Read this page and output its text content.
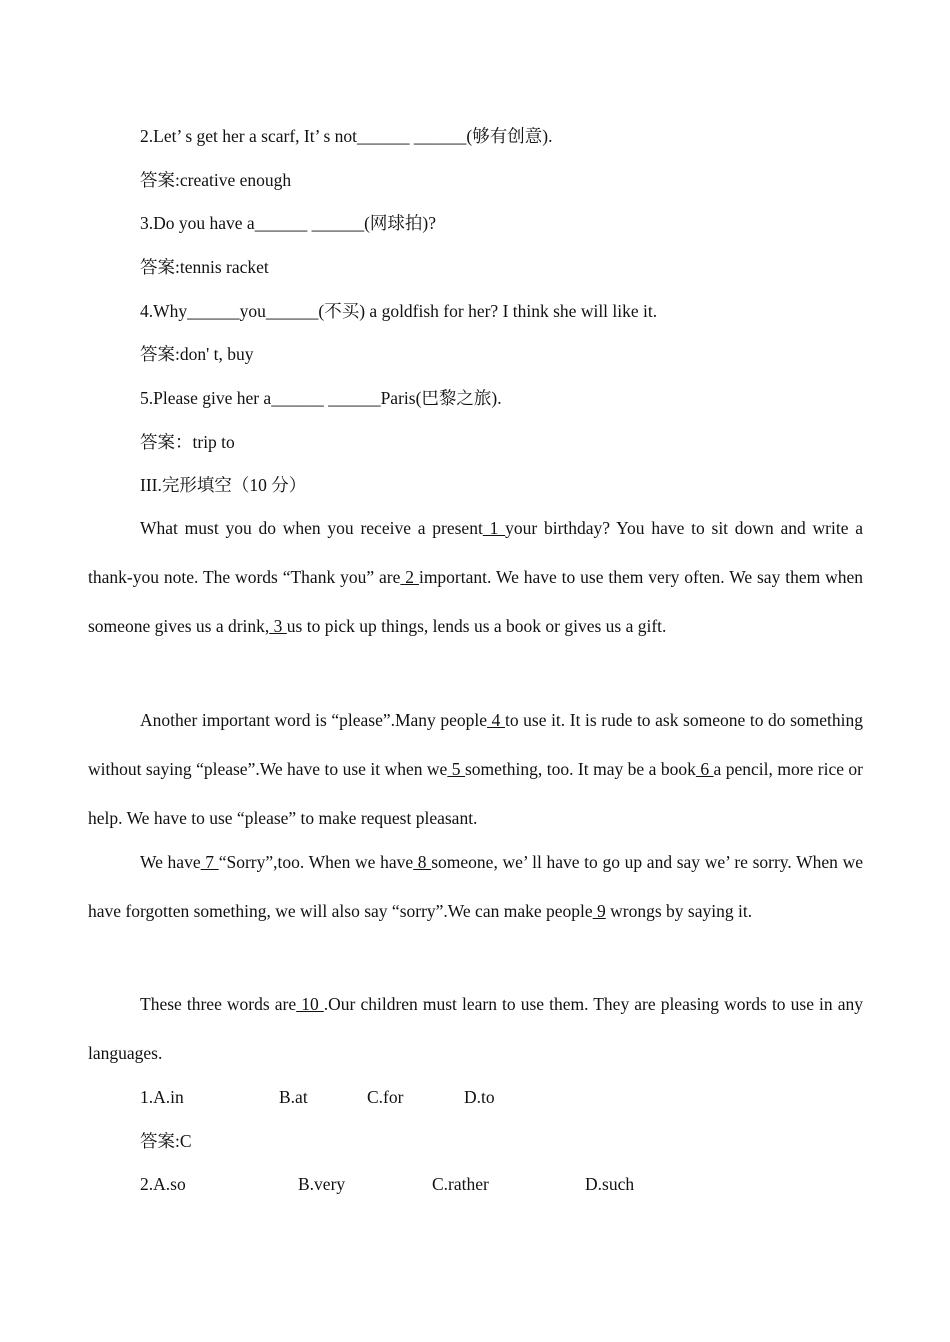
2.Let’ s get her a scarf, It’ s not______ ______(够有创意).
答案:creative enough
3.Do you have a______ ______(网球拍)?
答案:tennis racket
4.Why______you______(不买) a goldfish for her? I think she will like it.
答案:don' t, buy
5.Please give her a______ ______Paris(巴黎之旅).
答案：trip to
III.完形填空（10 分）

What must you do when you receive a present 1 your birthday? You have to sit down and write a thank-you note. The words “Thank you” are 2 important. We have to use them very often. We say them when someone gives us a drink, 3 us to pick up things, lends us a book or gives us a gift.

Another important word is “please”.Many people 4 to use it. It is rude to ask someone to do something without saying “please”.We have to use it when we 5 something, too. It may be a book 6 a pencil, more rice or help. We have to use “please” to make request pleasant.

We have 7 “Sorry”,too. When we have 8 someone, we’ ll have to go up and say we’ re sorry. When we have forgotten something, we will also say “sorry”.We can make people 9 wrongs by saying it.

These three words are 10 .Our children must learn to use them. They are pleasing words to use in any languages.

1.A.in	B.at	C.for	D.to
答案:C
2.A.so	B.very	C.rather	D.such
